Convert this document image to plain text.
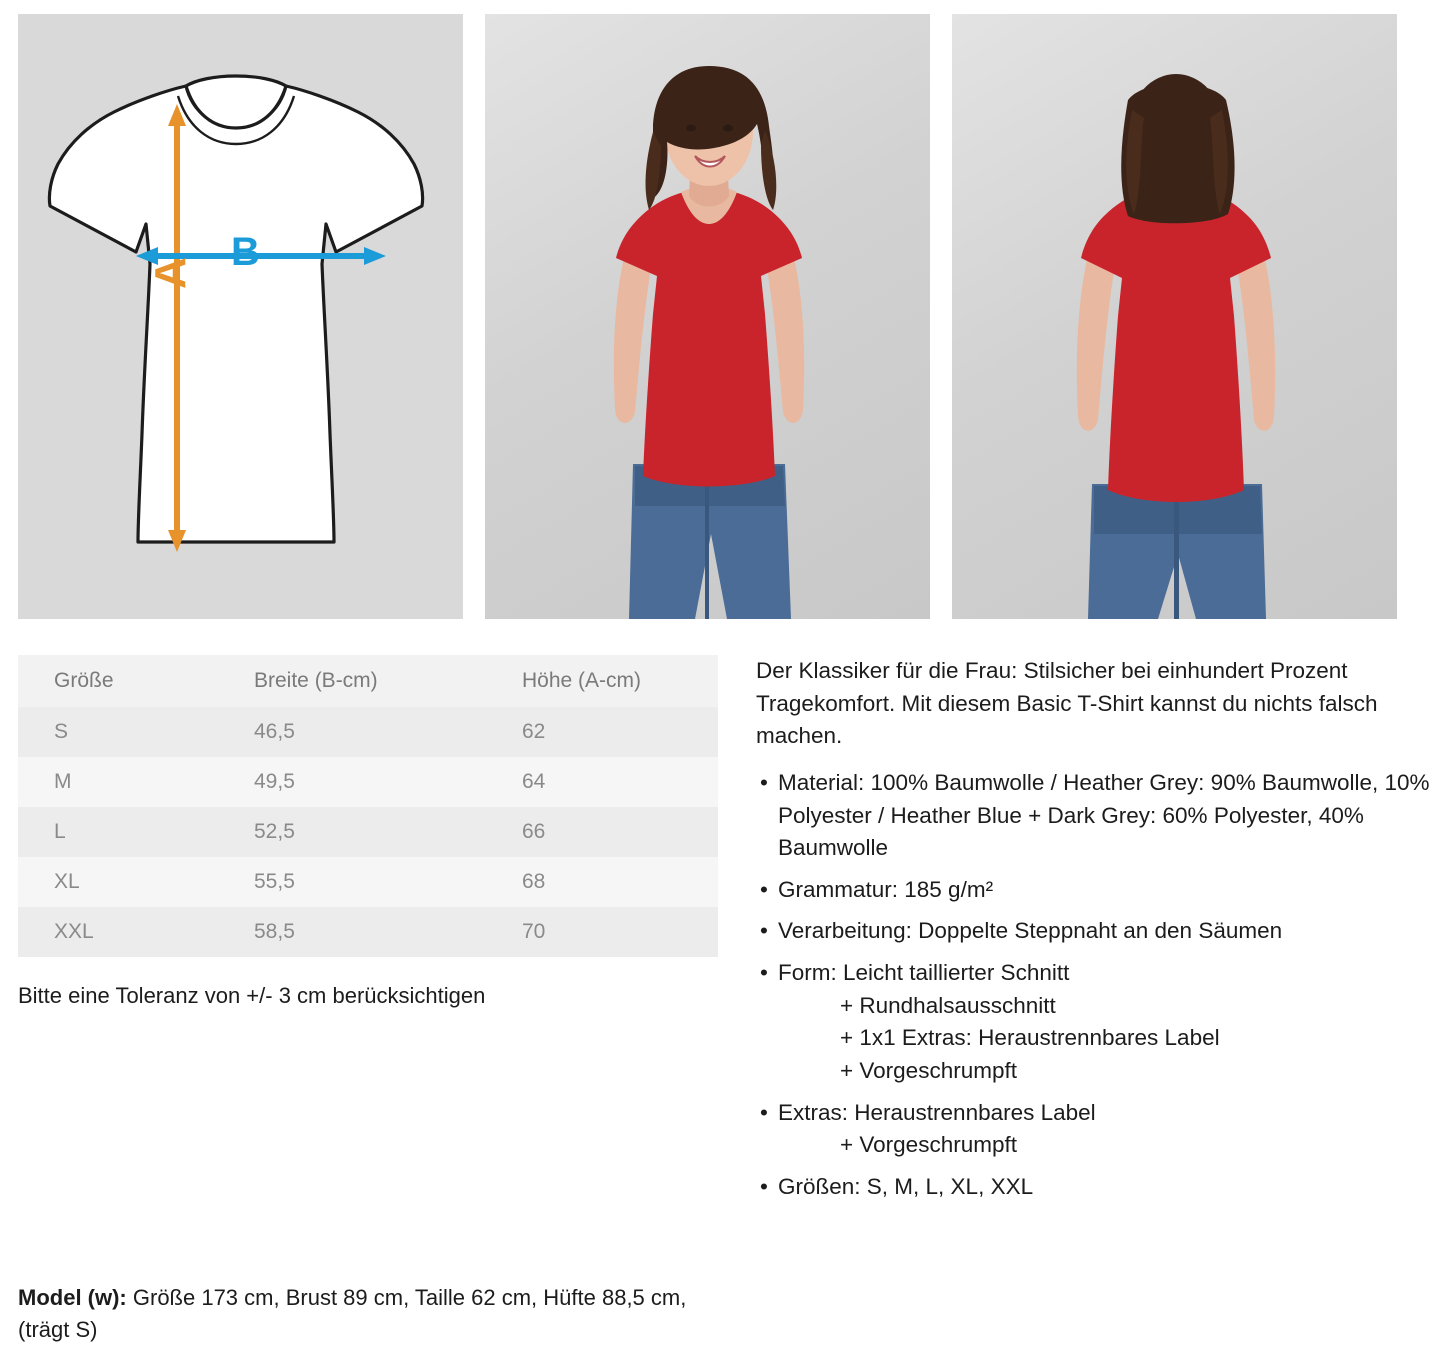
A B
Größe	Breite (B-cm)	Höhe (A-cm)
S	46,5	62
M	49,5	64
L	52,5	66
XL	55,5	68
XXL	58,5	70
Bitte eine Toleranz von +/- 3 cm berücksichtigen

Der Klassiker für die Frau: Stilsicher bei einhundert Prozent Tragekomfort. Mit diesem Basic T-Shirt kannst du nichts falsch machen.

• Material: 100% Baumwolle / Heather Grey: 90% Baumwolle, 10% Polyester / Heather Blue + Dark Grey: 60% Polyester, 40% Baumwolle
• Grammatur: 185 g/m²
• Verarbeitung: Doppelte Steppnaht an den Säumen
• Form: Leicht taillierter Schnitt
+ Rundhalsausschnitt
+ 1x1 Extras: Heraustrennbares Label
+ Vorgeschrumpft
• Extras: Heraustrennbares Label
+ Vorgeschrumpft
• Größen: S, M, L, XL, XXL
Model (w): Größe 173 cm, Brust 89 cm, Taille 62 cm, Hüfte 88,5 cm, (trägt S)
